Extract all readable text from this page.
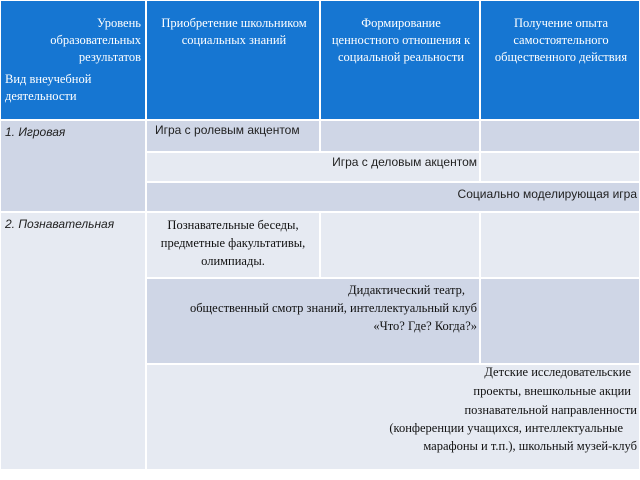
Уровень образовательных результатов
Вид внеучебной деятельности
Приобретение школьником социальных знаний
Формирование ценностного отношения к социальной реальности
Получение опыта самостоятельного общественного действия
1. Игровая	Игра с ролевым акцентом
Игра с деловым акцентом
Социально моделирующая игра
2. Познавательная	Познавательные беседы, предметные факультативы, олимпиады.
Дидактический театр,
общественный смотр знаний, интеллектуальный клуб
«Что? Где? Когда?»
Детские исследовательские
проекты, внешкольные акции
познавательной направленности
(конференции учащихся, интеллектуальные
марафоны и т.п.), школьный музей-клуб
